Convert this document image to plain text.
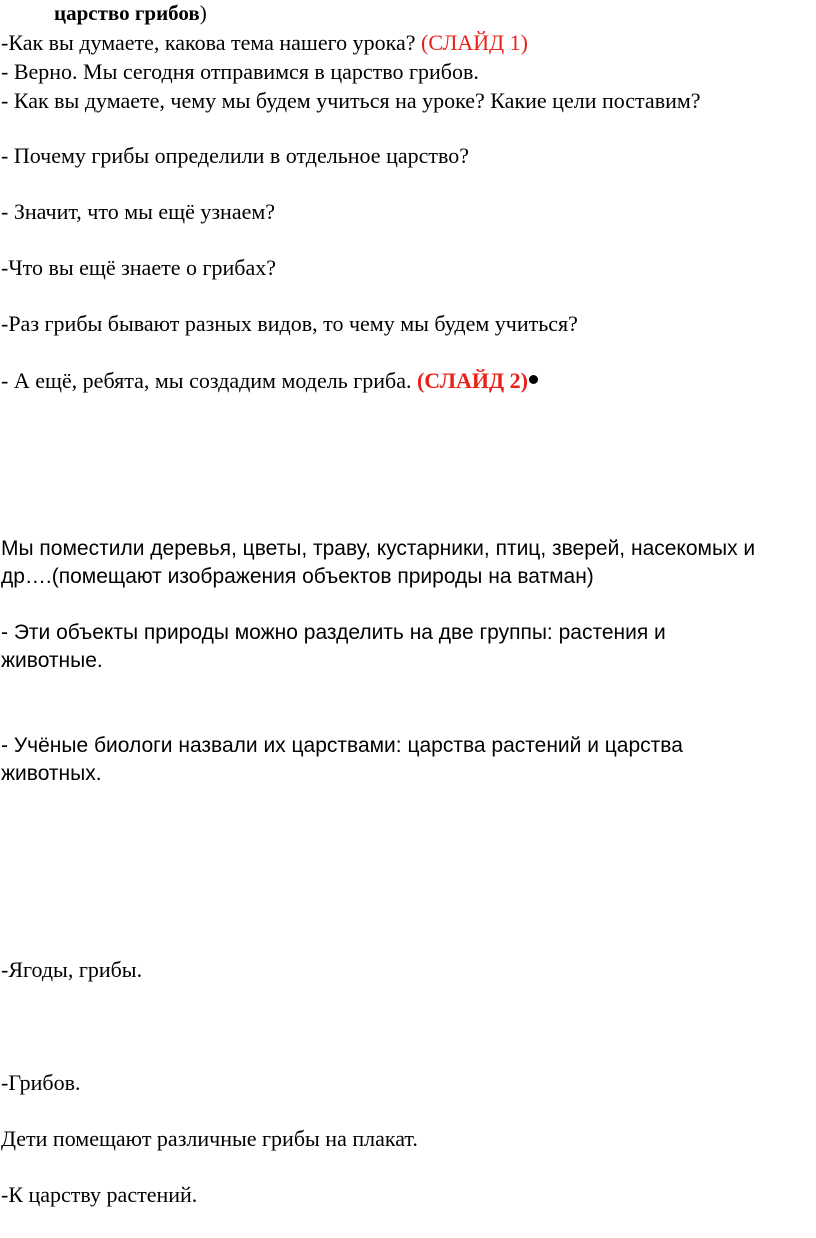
царство грибов)
-Как вы думаете, какова тема нашего урока? (СЛАЙД 1)
- Верно. Мы сегодня отправимся в царство грибов.
- Как вы думаете, чему мы будем учиться на уроке? Какие цели поставим?
- Почему грибы определили в отдельное царство?
- Значит, что мы ещё узнаем?
-Что вы ещё знаете о грибах?
-Раз грибы бывают разных видов, то чему мы будем учиться?
- А ещё, ребята, мы создадим модель гриба. (СЛАЙД 2)
Мы поместили деревья, цветы, траву, кустарники, птиц, зверей, насекомых и
др….(помещают изображения объектов природы на ватман)
- Эти объекты природы можно разделить на две группы: растения и
животные.
- Учёные биологи назвали их царствами: царства растений и царства
животных.
-Ягоды, грибы.
-Грибов.
Дети помещают различные грибы на плакат.
-К царству растений.
